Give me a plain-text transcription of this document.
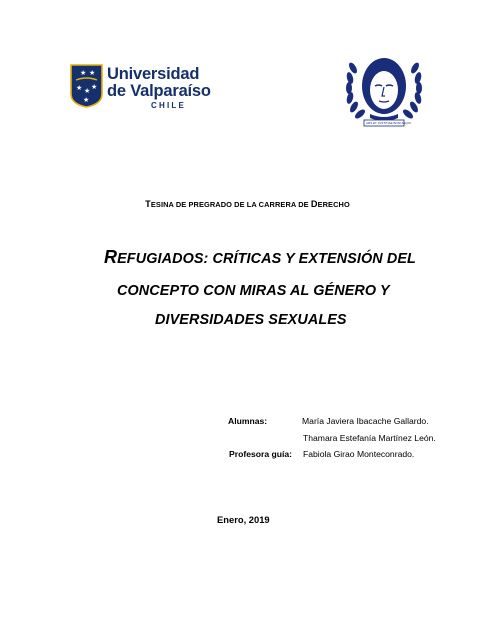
★ ★
★ ★ ★
★
Universidad
de Valparaíso
CHILE
ARS ET JUSTITIAE BONI AEQUI
TESINA DE PREGRADO DE LA CARRERA DE DERECHO
REFUGIADOS: CRÍTICAS Y EXTENSIÓN DEL
CONCEPTO CON MIRAS AL GÉNERO Y
DIVERSIDADES SEXUALES
Alumnas:	María Javiera Ibacache Gallardo.
Thamara Estefanía Martínez León.
Profesora guía: Fabiola Girao Monteconrado.
Enero, 2019
